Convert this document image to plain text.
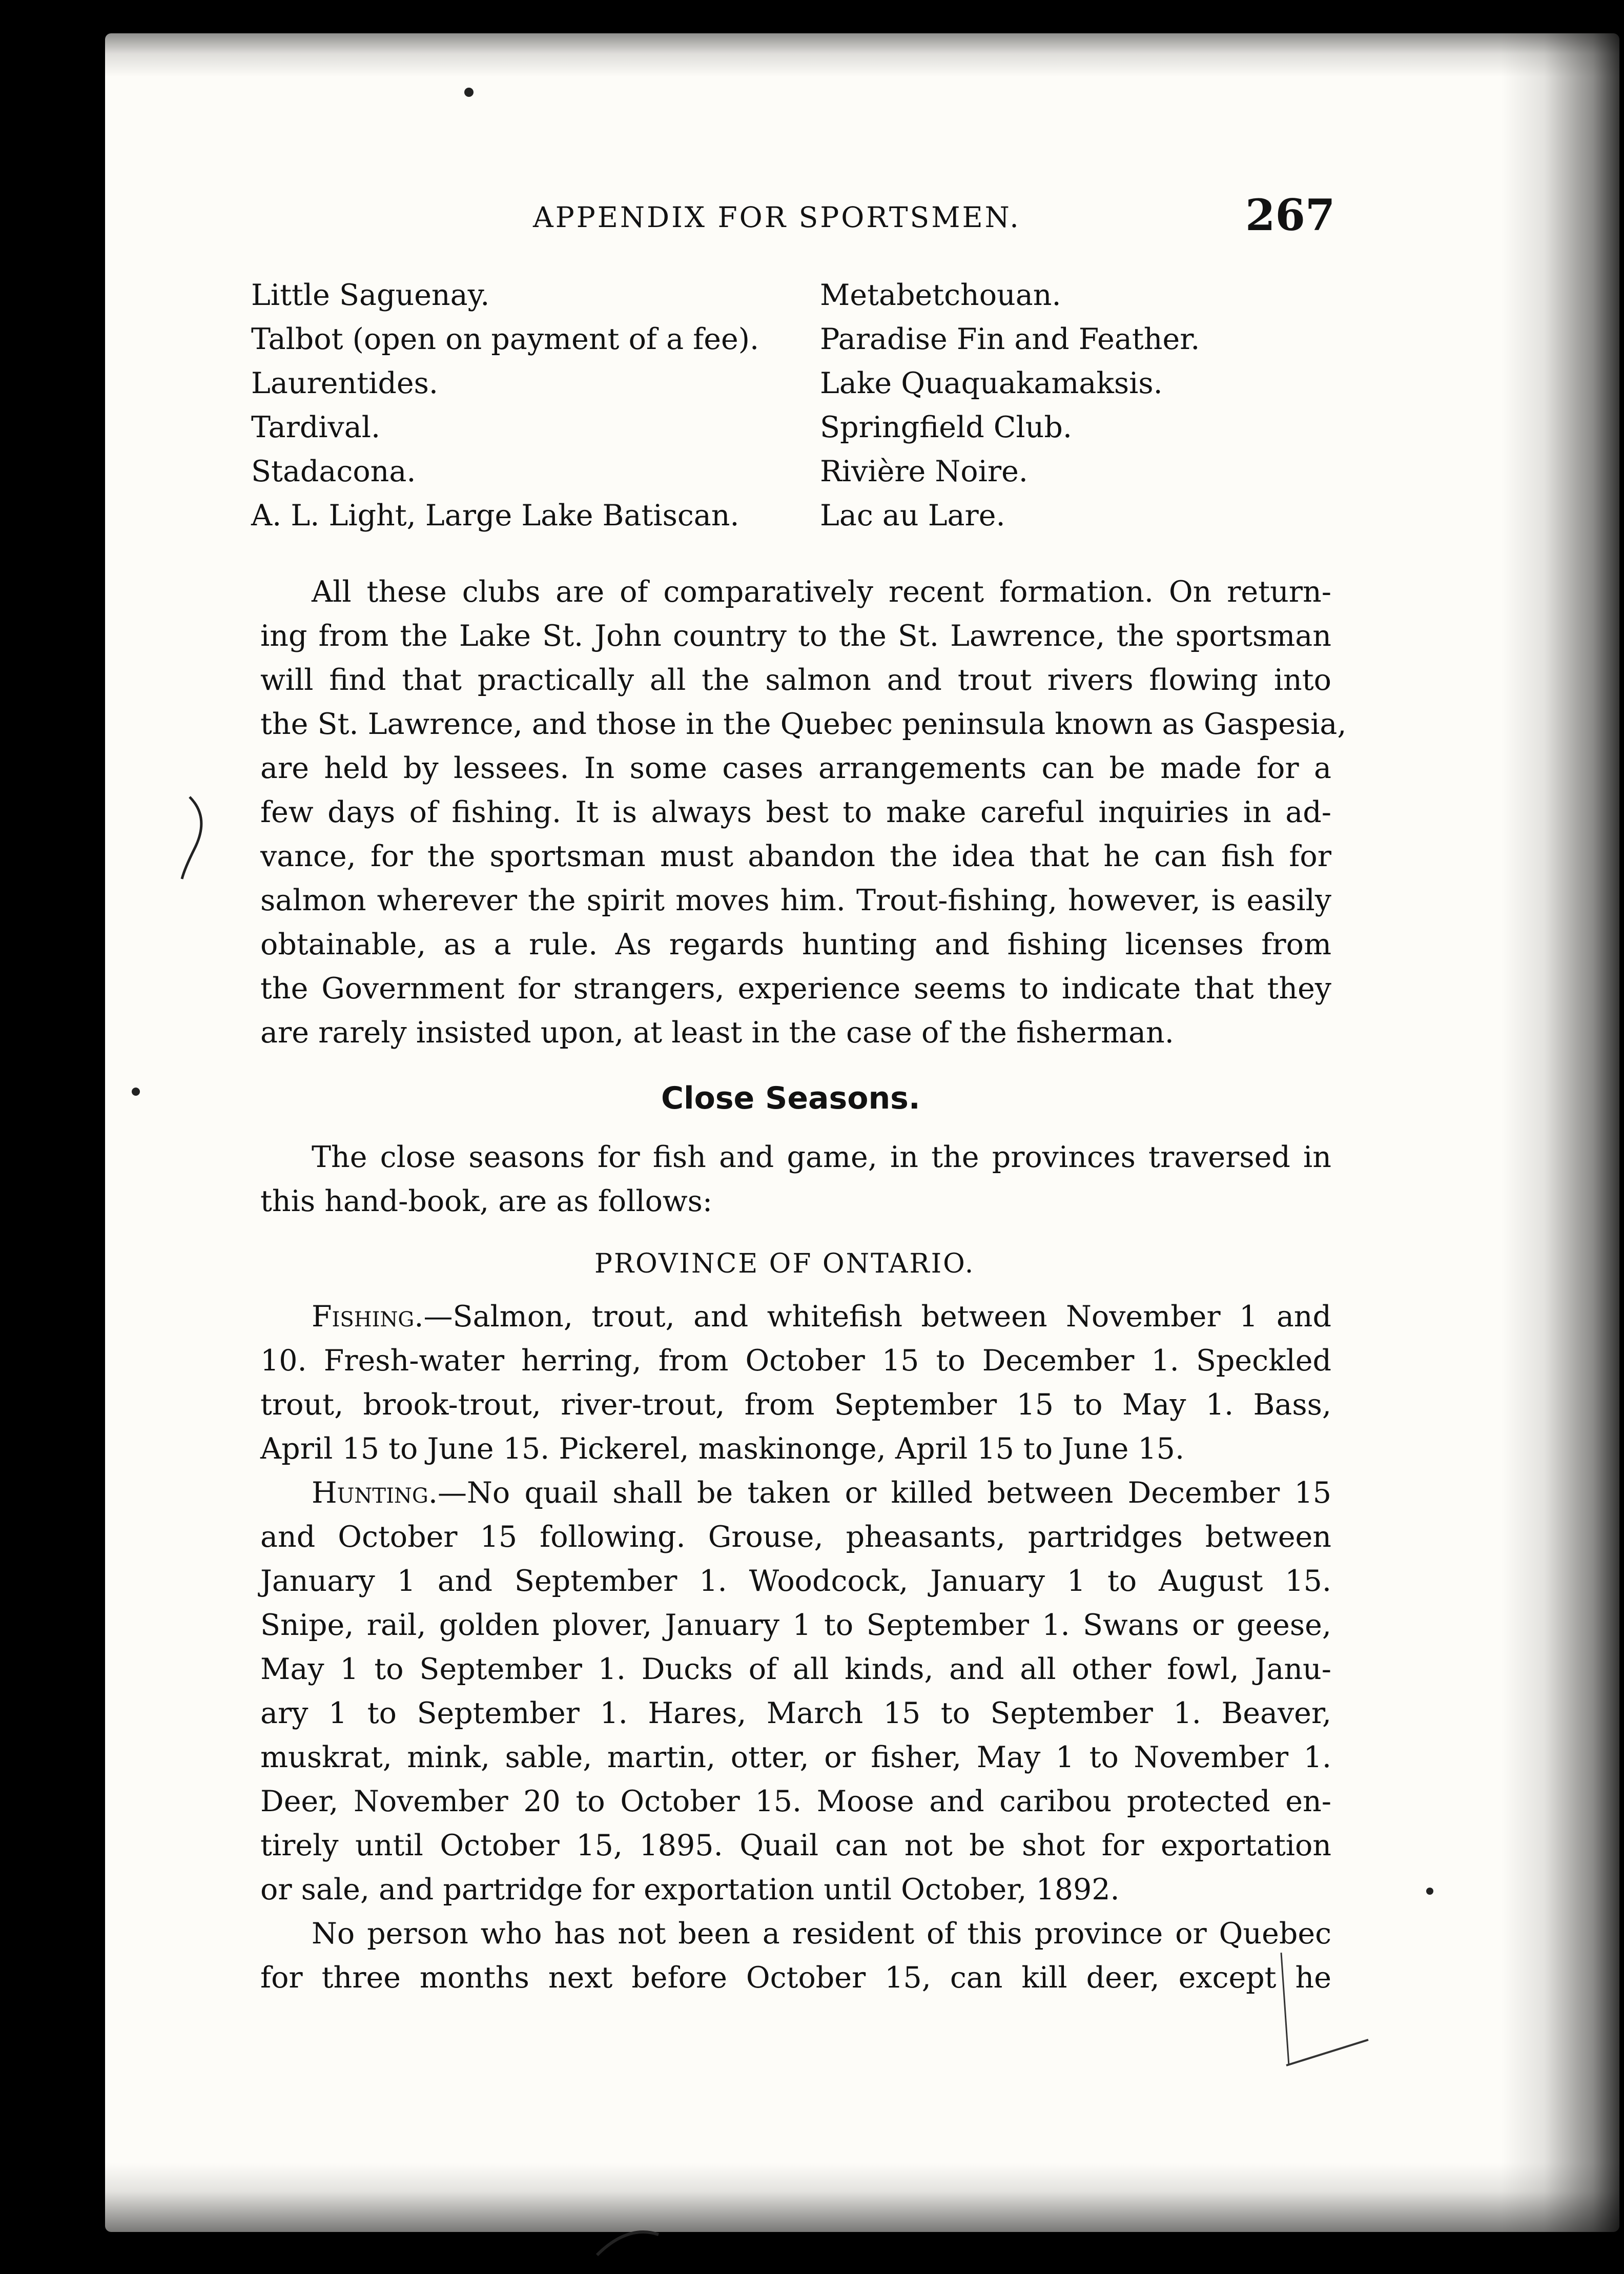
APPENDIX FOR SPORTSMEN.	267
Little Saguenay.
Talbot (open on payment of a fee).
Laurentides.
Tardival.
Stadacona.
A. L. Light, Large Lake Batiscan.
Metabetchouan.
Paradise Fin and Feather.
Lake Quaquakamaksis.
Springfield Club.
Rivière Noire.
Lac au Lare.
All these clubs are of comparatively recent formation. On return-
ing from the Lake St. John country to the St. Lawrence, the sportsman
will find that practically all the salmon and trout rivers flowing into
the St. Lawrence, and those in the Quebec peninsula known as Gaspesia,
are held by lessees. In some cases arrangements can be made for a
few days of fishing. It is always best to make careful inquiries in ad-
vance, for the sportsman must abandon the idea that he can fish for
salmon wherever the spirit moves him. Trout-fishing, however, is easily
obtainable, as a rule. As regards hunting and fishing licenses from
the Government for strangers, experience seems to indicate that they
are rarely insisted upon, at least in the case of the fisherman.
Close Seasons.
The close seasons for fish and game, in the provinces traversed in
this hand-book, are as follows:
PROVINCE OF ONTARIO.
Fishing.—Salmon, trout, and whitefish between November 1 and
10. Fresh-water herring, from October 15 to December 1. Speckled
trout, brook-trout, river-trout, from September 15 to May 1. Bass,
April 15 to June 15. Pickerel, maskinonge, April 15 to June 15.
Hunting.—No quail shall be taken or killed between December 15
and October 15 following. Grouse, pheasants, partridges between
January 1 and September 1. Woodcock, January 1 to August 15.
Snipe, rail, golden plover, January 1 to September 1. Swans or geese,
May 1 to September 1. Ducks of all kinds, and all other fowl, Janu-
ary 1 to September 1. Hares, March 15 to September 1. Beaver,
muskrat, mink, sable, martin, otter, or fisher, May 1 to November 1.
Deer, November 20 to October 15. Moose and caribou protected en-
tirely until October 15, 1895. Quail can not be shot for exportation
or sale, and partridge for exportation until October, 1892.
No person who has not been a resident of this province or Quebec
for three months next before October 15, can kill deer, except he
